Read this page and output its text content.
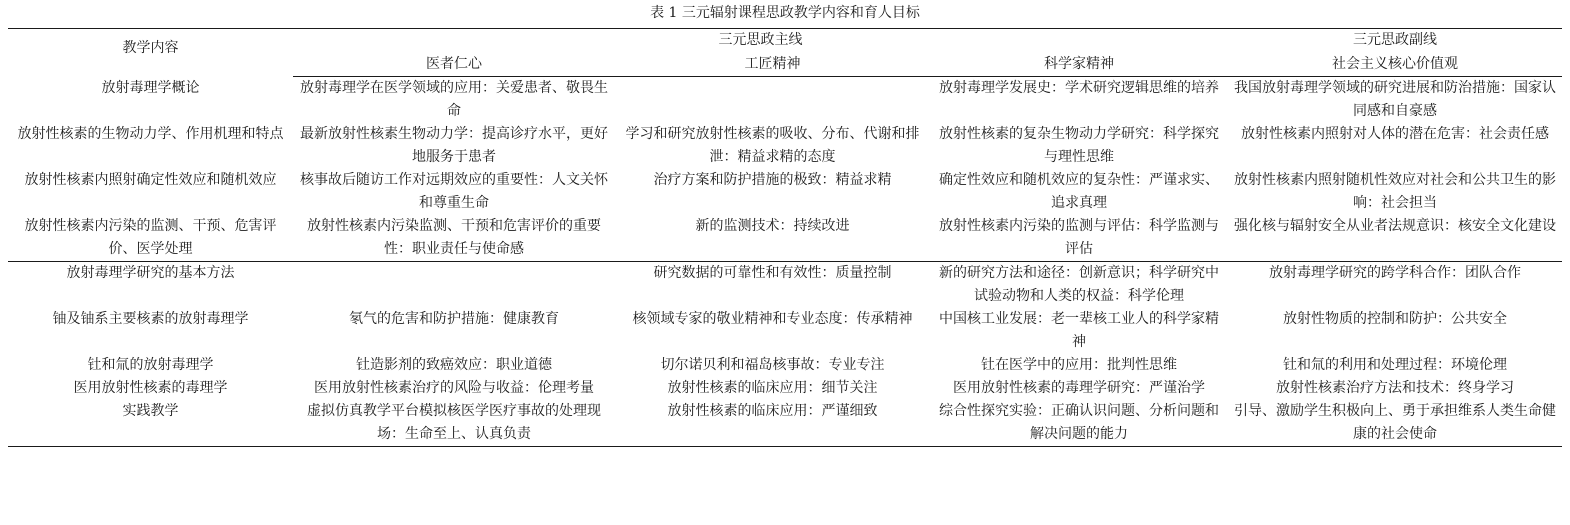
表 1 三元辐射课程思政教学内容和育人目标
教学内容	三元思政主线			三元思政副线
	医者仁心	工匠精神	科学家精神	社会主义核心价值观
放射毒理学概论	放射毒理学在医学领域的应用：关爱患者、敬畏生命		放射毒理学发展史：学术研究逻辑思维的培养	我国放射毒理学领域的研究进展和防治措施：国家认同感和自豪感
放射性核素的生物动力学、作用机理和特点	最新放射性核素生物动力学：提高诊疗水平，更好地服务于患者	学习和研究放射性核素的吸收、分布、代谢和排泄：精益求精的态度	放射性核素的复杂生物动力学研究：科学探究与理性思维	放射性核素内照射对人体的潜在危害：社会责任感
放射性核素内照射确定性效应和随机效应	核事故后随访工作对远期效应的重要性：人文关怀和尊重生命	治疗方案和防护措施的极致：精益求精	确定性效应和随机效应的复杂性：严谨求实、追求真理	放射性核素内照射随机性效应对社会和公共卫生的影响：社会担当
放射性核素内污染的监测、干预、危害评价、医学处理	放射性核素内污染监测、干预和危害评价的重要性：职业责任与使命感	新的监测技术：持续改进	放射性核素内污染的监测与评估：科学监测与评估	强化核与辐射安全从业者法规意识：核安全文化建设
放射毒理学研究的基本方法		研究数据的可靠性和有效性：质量控制	新的研究方法和途径：创新意识；科学研究中试验动物和人类的权益：科学伦理	放射毒理学研究的跨学科合作：团队合作
铀及铀系主要核素的放射毒理学	氡气的危害和防护措施：健康教育	核领域专家的敬业精神和专业态度：传承精神	中国核工业发展：老一辈核工业人的科学家精神	放射性物质的控制和防护：公共安全
钍和氚的放射毒理学	钍造影剂的致癌效应：职业道德	切尔诺贝利和福岛核事故：专业专注	钍在医学中的应用：批判性思维	钍和氚的利用和处理过程：环境伦理
医用放射性核素的毒理学	医用放射性核素治疗的风险与收益：伦理考量	放射性核素的临床应用：细节关注	医用放射性核素的毒理学研究：严谨治学	放射性核素治疗方法和技术：终身学习
实践教学	虚拟仿真教学平台模拟核医学医疗事故的处理现场：生命至上、认真负责	放射性核素的临床应用：严谨细致	综合性探究实验：正确认识问题、分析问题和解决问题的能力	引导、激励学生积极向上、勇于承担维系人类生命健康的社会使命
